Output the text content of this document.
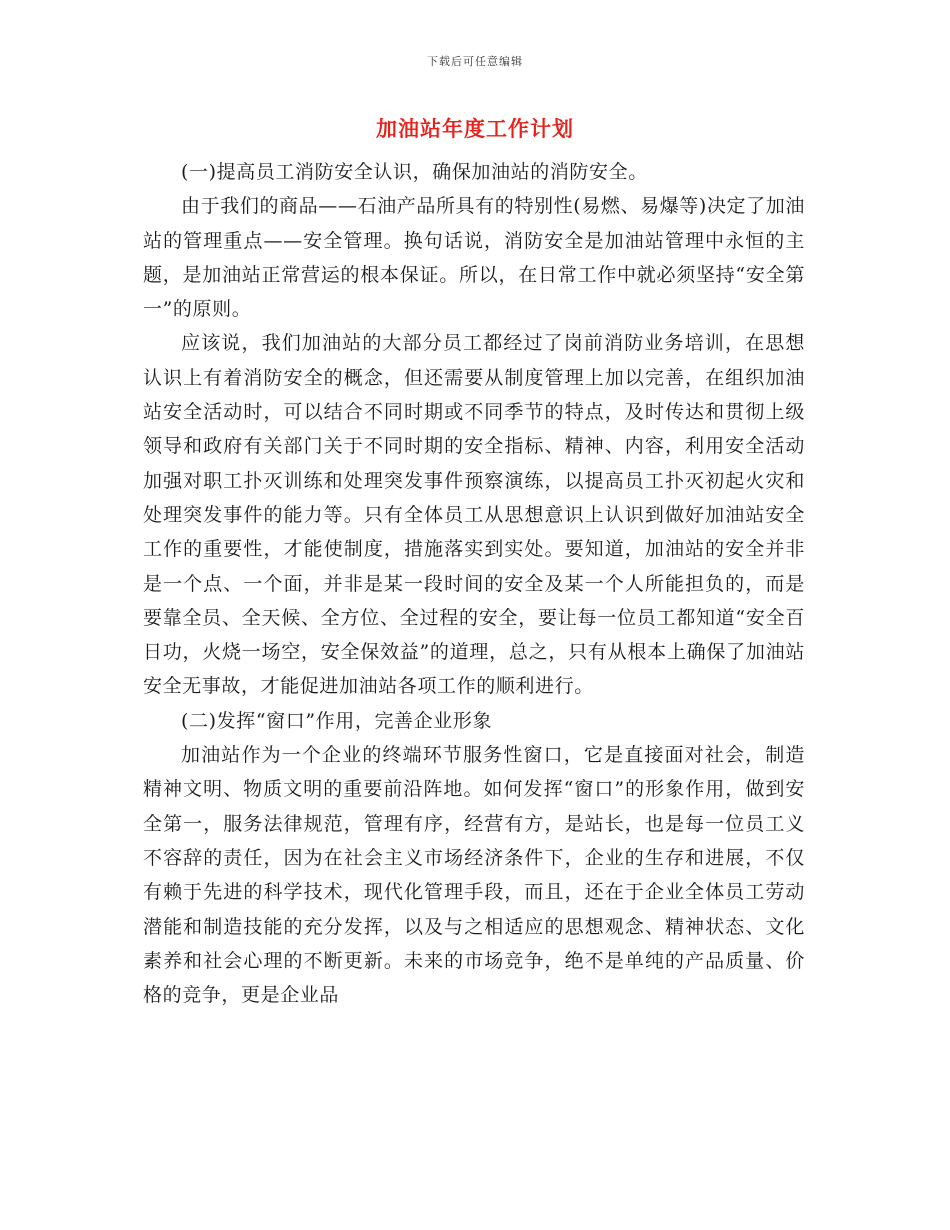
下载后可任意编辑
加油站年度工作计划

(一)提高员工消防安全认识，确保加油站的消防安全。

由于我们的商品——石油产品所具有的特别性(易燃、易爆等)决定了加油站的管理重点——安全管理。换句话说，消防安全是加油站管理中永恒的主题，是加油站正常营运的根本保证。所以，在日常工作中就必须坚持“安全第一”的原则。

应该说，我们加油站的大部分员工都经过了岗前消防业务培训，在思想认识上有着消防安全的概念，但还需要从制度管理上加以完善，在组织加油站安全活动时，可以结合不同时期或不同季节的特点，及时传达和贯彻上级领导和政府有关部门关于不同时期的安全指标、精神、内容，利用安全活动加强对职工扑灭训练和处理突发事件预察演练，以提高员工扑灭初起火灾和处理突发事件的能力等。只有全体员工从思想意识上认识到做好加油站安全工作的重要性，才能使制度，措施落实到实处。要知道，加油站的安全并非是一个点、一个面，并非是某一段时间的安全及某一个人所能担负的，而是要靠全员、全天候、全方位、全过程的安全，要让每一位员工都知道“安全百日功，火烧一场空，安全保效益”的道理，总之，只有从根本上确保了加油站安全无事故，才能促进加油站各项工作的顺利进行。

(二)发挥“窗口”作用，完善企业形象

加油站作为一个企业的终端环节服务性窗口，它是直接面对社会，制造精神文明、物质文明的重要前沿阵地。如何发挥“窗口”的形象作用，做到安全第一，服务法律规范，管理有序，经营有方，是站长，也是每一位员工义不容辞的责任，因为在社会主义市场经济条件下，企业的生存和进展，不仅有赖于先进的科学技术，现代化管理手段，而且，还在于企业全体员工劳动潜能和制造技能的充分发挥，以及与之相适应的思想观念、精神状态、文化素养和社会心理的不断更新。未来的市场竞争，绝不是单纯的产品质量、价格的竞争，更是企业品
